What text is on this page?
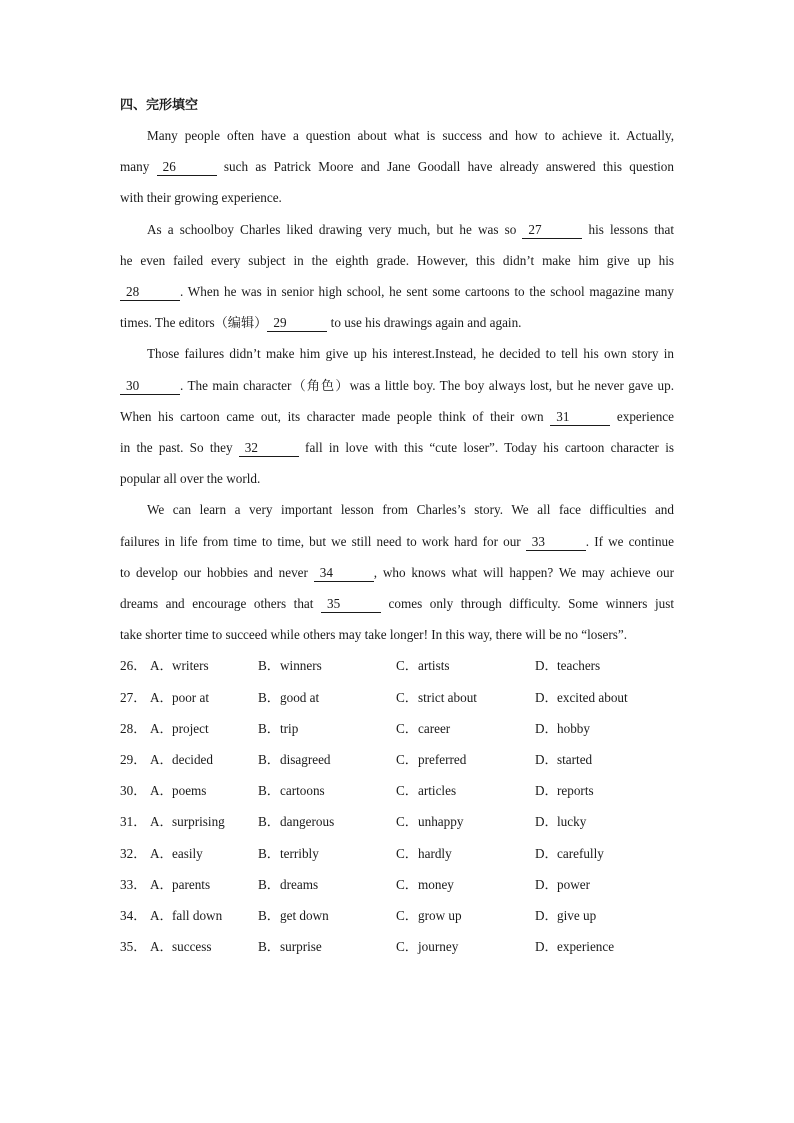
四、完形填空

Many people often have a question about what is success and how to achieve it. Actually,

many 26	such as Patrick Moore and Jane Goodall have already answered this question

with their growing experience.

As a schoolboy Charles liked drawing very much, but he was so 27	his lessons that

he even failed every subject in the eighth grade. However, this didn’t make him give up his

28	. When he was in senior high school, he sent some cartoons to the school magazine many

times. The editors（编辑） 29	to use his drawings again and again.

Those failures didn’t make him give up his interest.Instead, he decided to tell his own story in

30	. The main character（角色）was a little boy. The boy always lost, but he never gave up.

When his cartoon came out, its character made people think of their own 31	experience

in the past. So they 32	fall in love with this “cute loser”. Today his cartoon character is

popular all over the world.

We can learn a very important lesson from Charles’s story. We all face difficulties and

failures in life from time to time, but we still need to work hard for our 33	. If we continue

to develop our hobbies and never 34	, who knows what will happen? We may achieve our

dreams and encourage others that 35	comes only through difficulty. Some winners just

take shorter time to succeed while others may take longer! In this way, there will be no “losers”.

26． A． writers	B． winners	C． artists	D． teachers
27． A． poor at	B． good at	C． strict about	D． excited about
28． A． project	B． trip	C． career	D． hobby
29． A． decided	B． disagreed	C． preferred	D． started
30． A． poems	B． cartoons	C． articles	D． reports
31． A． surprising	B． dangerous	C． unhappy	D． lucky
32． A． easily	B． terribly	C． hardly	D． carefully
33． A． parents	B． dreams	C． money	D． power
34． A． fall down	B． get down	C． grow up	D． give up
35． A． success	B． surprise	C． journey	D． experience
